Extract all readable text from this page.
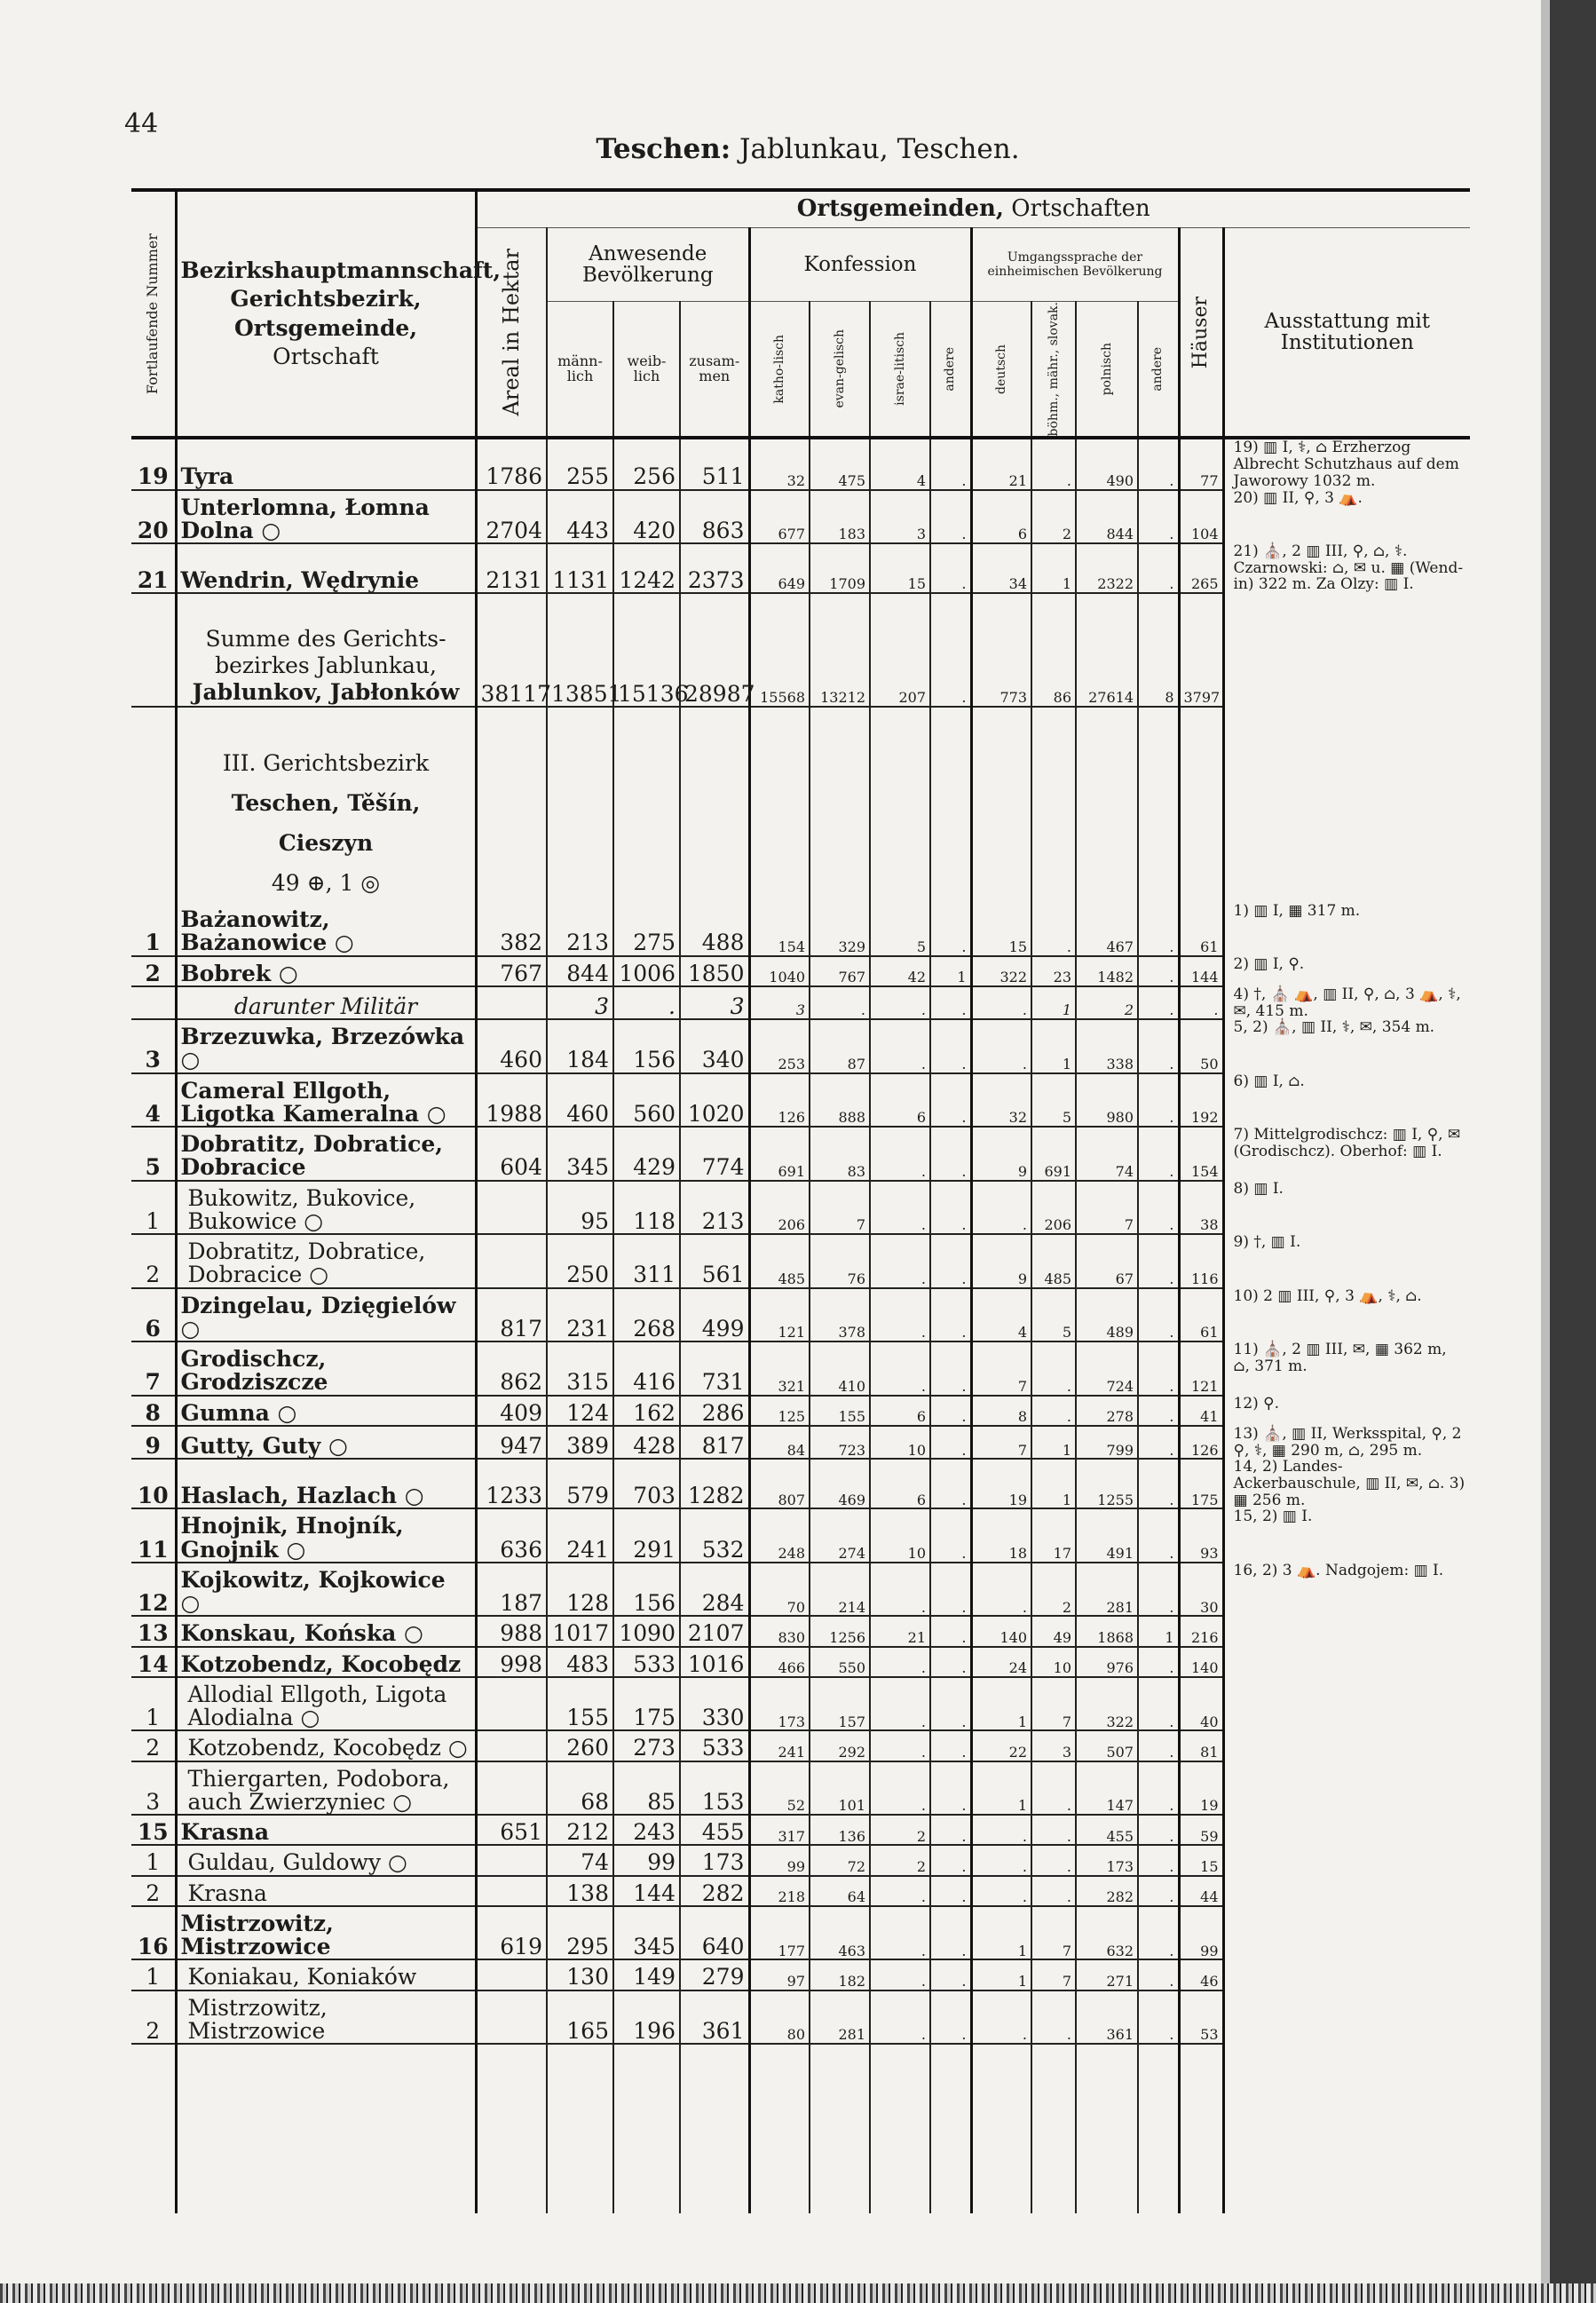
44
Teschen: Jablunkau, Teschen.
Fortlaufende Nummer	Bezirkshauptmannschaft,
Gerichtsbezirk,
Ortsgemeinde,
Ortschaft	Ortsgemeinden, Ortschaften													

		Areal in Hektar	Anwesende Bevölkerung			Konfession				Umgangssprache der einheimischen Bevölkerung				Häuser	Ausstattung mit Institutionen
			männ-lich	weib-lich	zusam-men	katho-lisch	evan-gelisch	israe-litisch	andere	deutsch	böhm., mähr., slovak.	polnisch	andere		

19	Tyra	1786	255	256	511	32	475	4	.	21	.	490	.	77	19) ▥ I, ⚕, ⌂ Erzherzog Albrecht Schutzhaus auf dem Jaworowy 1032 m.
20	Unterlomna, Łomna Dolna ○	2704	443	420	863	677	183	3	.	6	2	844	.	104	20) ▥ II, ⚲, 3 ⛺.
21	Wendrin, Wędrynie	2131	1131	1242	2373	649	1709	15	.	34	1	2322	.	265	21) ⛪, 2 ▥ III, ⚲, ⌂, ⚕. Czarnowski: ⌂, ✉ u. ▦ (Wend-in) 322 m. Za Olzy: ▥ I.

	Summe des Gerichts-
bezirkes Jablunkau,
Jablunkov, Jabłonków	38117	13851	15136	28987	15568	13212	207	.	773	86	27614	8	3797	

	III. Gerichtsbezirk
Teschen, Těšín, Cieszyn
49 ⊕, 1 ◎														

1	Bażanowitz, Bażanowice ○	382	213	275	488	154	329	5	.	15	.	467	.	61	1) ▥ I, ▦ 317 m.
2	Bobrek ○	767	844	1006	1850	1040	767	42	1	322	23	1482	.	144	2) ▥ I, ⚲.
	darunter Militär		3	.	3	3	.	.	.	.	1	2	.	.	4) †, ⛪ ⛺, ▥ II, ⚲, ⌂, 3 ⛺, ⚕, ✉, 415 m.
3	Brzezuwka, Brzezówka ○	460	184	156	340	253	87	.	.	.	1	338	.	50	5, 2) ⛪, ▥ II, ⚕, ✉, 354 m.
4	Cameral Ellgoth, Ligotka Kameralna ○	1988	460	560	1020	126	888	6	.	32	5	980	.	192	6) ▥ I, ⌂.
5	Dobratitz, Dobratice, Dobracice	604	345	429	774	691	83	.	.	9	691	74	.	154	7) Mittelgrodischcz: ▥ I, ⚲, ✉ (Grodischcz). Oberhof: ▥ I.
1	Bukowitz, Bukovice, Bukowice ○		95	118	213	206	7	.	.	.	206	7	.	38	8) ▥ I.
2	Dobratitz, Dobratice, Dobracice ○		250	311	561	485	76	.	.	9	485	67	.	116	9) †, ▥ I.
6	Dzingelau, Dzięgielów ○	817	231	268	499	121	378	.	.	4	5	489	.	61	10) 2 ▥ III, ⚲, 3 ⛺, ⚕, ⌂.
7	Grodischcz, Grodziszcze	862	315	416	731	321	410	.	.	7	.	724	.	121	11) ⛪, 2 ▥ III, ✉, ▦ 362 m, ⌂, 371 m.
8	Gumna ○	409	124	162	286	125	155	6	.	8	.	278	.	41	12) ⚲.
9	Gutty, Guty ○	947	389	428	817	84	723	10	.	7	1	799	.	126	13) ⛪, ▥ II, Werksspital, ⚲, 2 ⚲, ⚕, ▦ 290 m, ⌂, 295 m.
10	Haslach, Hazlach ○	1233	579	703	1282	807	469	6	.	19	1	1255	.	175	14, 2) Landes-Ackerbauschule, ▥ II, ✉, ⌂. 3) ▦ 256 m.
11	Hnojnik, Hnojník, Gnojnik ○	636	241	291	532	248	274	10	.	18	17	491	.	93	15, 2) ▥ I.
12	Kojkowitz, Kojkowice ○	187	128	156	284	70	214	.	.	.	2	281	.	30	16, 2) 3 ⛺. Nadgojem: ▥ I.
13	Konskau, Końska ○	988	1017	1090	2107	830	1256	21	.	140	49	1868	1	216	
14	Kotzobendz, Kocobędz	998	483	533	1016	466	550	.	.	24	10	976	.	140	
1	Allodial Ellgoth, Ligota Alodialna ○		155	175	330	173	157	.	.	1	7	322	.	40	
2	Kotzobendz, Kocobędz ○		260	273	533	241	292	.	.	22	3	507	.	81	
3	Thiergarten, Podobora, auch Zwierzyniec ○		68	85	153	52	101	.	.	1	.	147	.	19	
15	Krasna	651	212	243	455	317	136	2	.	.	.	455	.	59	
1	Guldau, Guldowy ○		74	99	173	99	72	2	.	.	.	173	.	15	
2	Krasna		138	144	282	218	64	.	.	.	.	282	.	44	
16	Mistrzowitz, Mistrzowice	619	295	345	640	177	463	.	.	1	7	632	.	99	
1	Koniakau, Koniaków		130	149	279	97	182	.	.	1	7	271	.	46	
2	Mistrzowitz, Mistrzowice		165	196	361	80	281	.	.	.	.	361	.	53	
